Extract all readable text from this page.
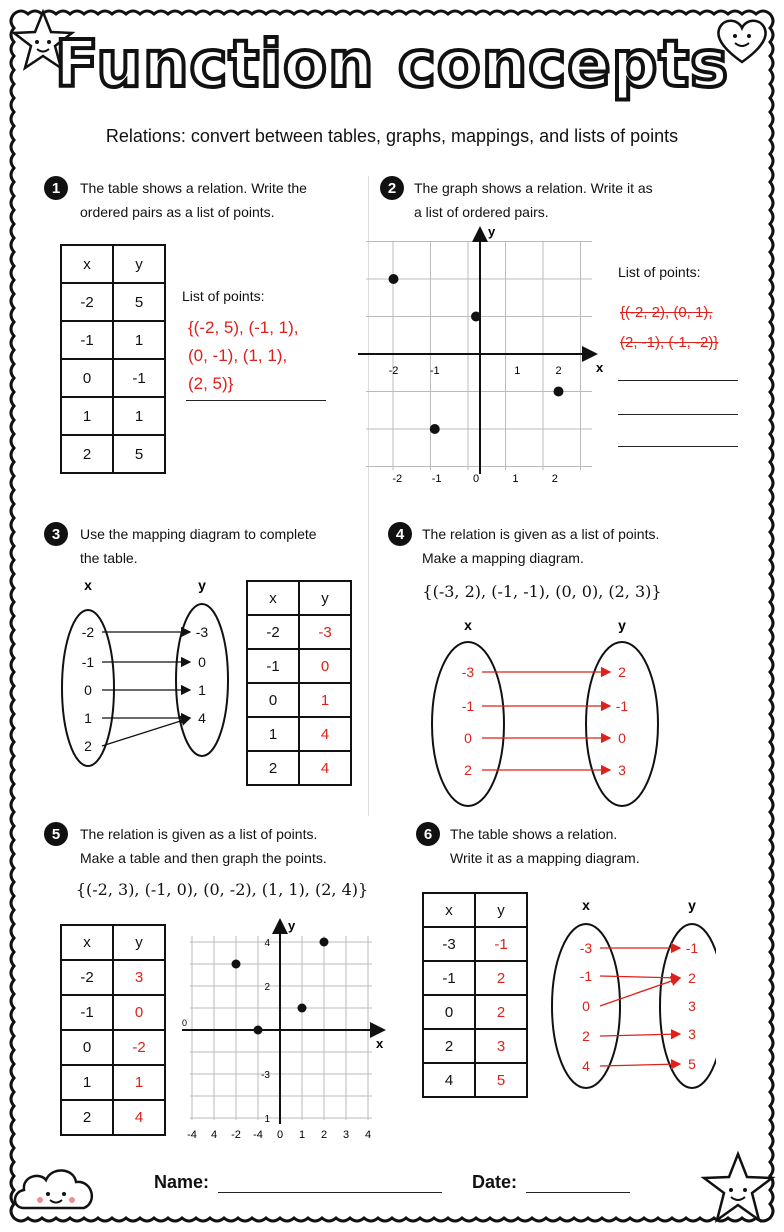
Function concepts
Relations: convert between tables, graphs, mappings, and lists of points
1	The table shows a relation. Write the
ordered pairs as a list of points.
x	y
-2	5
-1	1
0	-1
1	1
2	5
List of points:
{(-2, 5), (-1, 1),
(0, -1), (1, 1),
(2, 5)}
2	The graph shows a relation. Write it as
a list of ordered pairs.
x
y
-2	-1	1	2
-2	-1	0	1	2
List of points:
{(-2, 2), (0, 1),
(2, -1), (-1, -2)}
3	Use the mapping diagram to complete
the table.
x	y
-2
-1
0
1
2
-3
0
1
4
x	y
-2	-3
-1	0
0	1
1	4
2	4
4	The relation is given as a list of points.
Make a mapping diagram.
{(-3, 2), (-1, -1), (0, 0), (2, 3)}
x	y
-3
-1
0
2
2
-1
0
3
5	The relation is given as a list of points.
Make a table and then graph the points.
{(-2, 3), (-1, 0), (0, -2), (1, 1), (2, 4)}
x	y
-2	3
-1	0
0	-2
1	1
2	4
x
y
0
-4 4 -2 -4 0 1 2 3 4
4
2
-3
1
6	The table shows a relation.
Write it as a mapping diagram.
x	y
-3	-1
-1	2
0	2
2	3
4	5
x	y
-3
-1
0
2
4
-1
2
3
3
5
Name:	Date:
